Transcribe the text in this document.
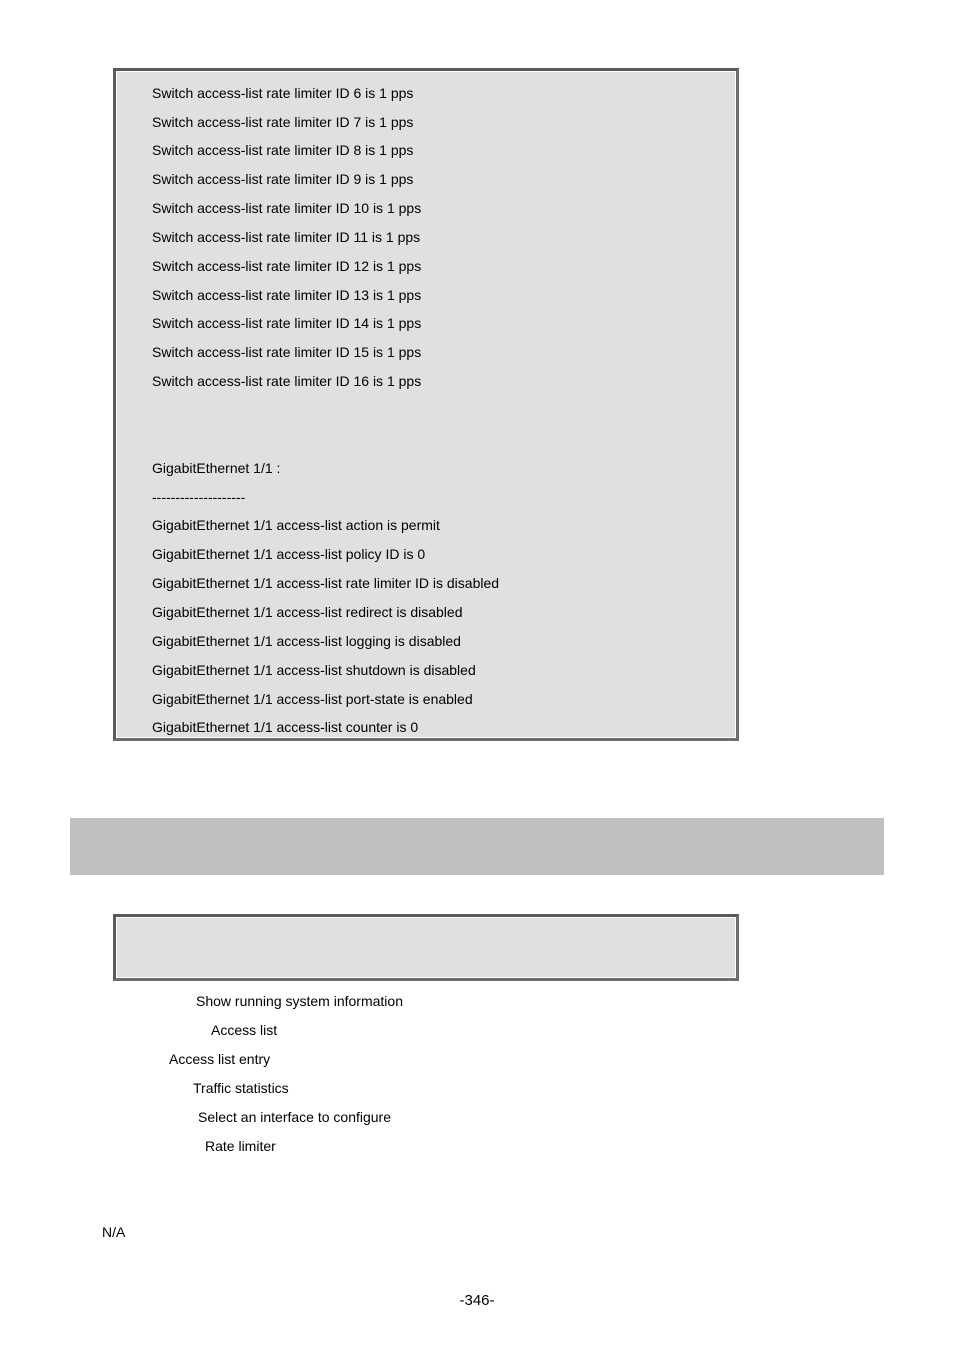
Switch access-list rate limiter ID 6 is 1 pps
Switch access-list rate limiter ID 7 is 1 pps
Switch access-list rate limiter ID 8 is 1 pps
Switch access-list rate limiter ID 9 is 1 pps
Switch access-list rate limiter ID 10 is 1 pps
Switch access-list rate limiter ID 11 is 1 pps
Switch access-list rate limiter ID 12 is 1 pps
Switch access-list rate limiter ID 13 is 1 pps
Switch access-list rate limiter ID 14 is 1 pps
Switch access-list rate limiter ID 15 is 1 pps
Switch access-list rate limiter ID 16 is 1 pps
GigabitEthernet 1/1 :
--------------------
GigabitEthernet 1/1 access-list action is permit
GigabitEthernet 1/1 access-list policy ID is 0
GigabitEthernet 1/1 access-list rate limiter ID is disabled
GigabitEthernet 1/1 access-list redirect is disabled
GigabitEthernet 1/1 access-list logging is disabled
GigabitEthernet 1/1 access-list shutdown is disabled
GigabitEthernet 1/1 access-list port-state is enabled
GigabitEthernet 1/1 access-list counter is 0
Show running system information
Access list
Access list entry
Traffic statistics
Select an interface to configure
Rate limiter
N/A
-346-
